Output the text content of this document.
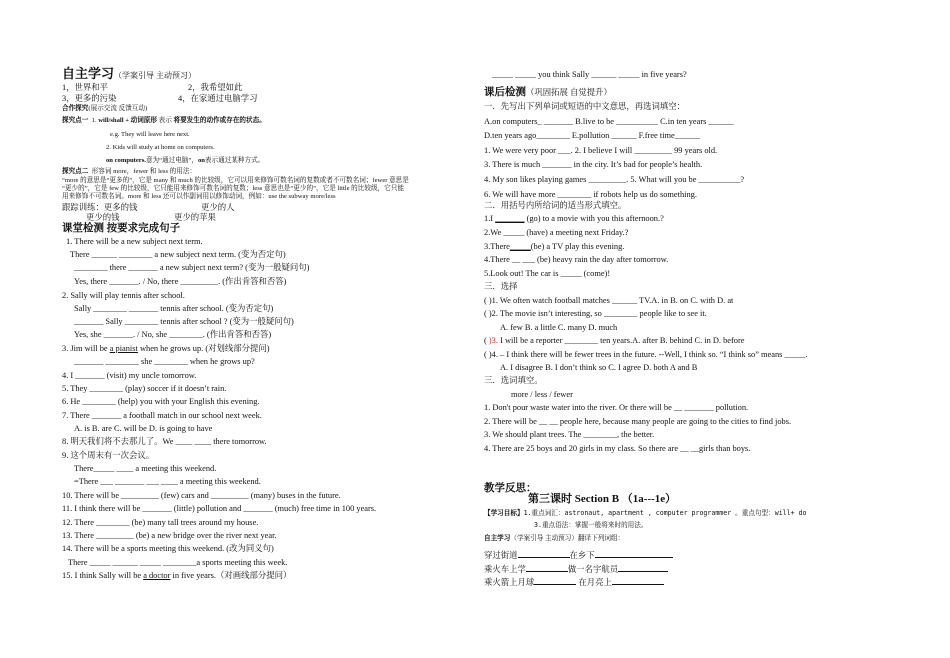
自主学习（学案引导 主动预习）
1，世界和平	2，我希望如此
3，更多的污染	4，在家通过电脑学习
合作探究(展示交流 反馈互动)
探究点一 1. will/shall + 动词原形 表示 将要发生的动作或存在的状态。
e.g. They will leave here next.
2. Kids will study at home on computers.
on computers.意为“通过电脑”，on表示通过某种方式。
探究点二 形容词 more，fewer 和 less 的用法：
“more 的意思是“更多的”，它是 many 和 much 的比较级，它可以用来修饰可数名词的复数或者不可数名词；fewer 意思是
“更少的”，它是 few 的比较级，它只能用来修饰可数名词的复数；less 意思也是“更少的”，它是 little 的比较级，它只能
用来修饰不可数名词。more 和 less 还可以作副词用以修饰动词，例如：use the subway more/less
跟踪训练：更多的钱	更少的人
更少的钱	更少的苹果
课堂检测 按要求完成句子
1. There will be a new subject next term.
There ______ ________ a new subject next term. (变为否定句)
________ there _______ a new subject next term? (变为一般疑问句)
Yes, there _______. / No, there _________. (作出肯答和否答)
2. Sally will play tennis after school.
Sally ________ _______ tennis after school. (变为否定句)
_______ Sally ________ tennis after school ? (变为一般疑问句)
Yes, she _______. / No, she ________. (作出肯答和否答)
3. Jim will be a pianist when he grows up. (对划线部分提问)
_______ ________ she ________ when he grows up?
4. I _______ (visit) my uncle tomorrow.
5. They ________ (play) soccer if it doesn’t rain.
6. He ________ (help) you with your English this evening.
7. There _______ a football match in our school next week.
A. is B. are C. will be D. is going to have
8. 明天我们将不去那儿了。We ____ ____ there tomorrow.
9. 这个周末有一次会议。
There_____ ____ a meeting this weekend.
=There ___ _______ ___ ____ a meeting this weekend.
10. There will be _________ (few) cars and _________ (many) buses in the future.
11. I think there will be _______ (little) pollution and _______ (much) free time in 100 years.
12. There ________ (be) many tall trees around my house.
13. There _________ (be) a new bridge over the river next year.
14. There will be a sports meeting this weekend. (改为同义句)
There _____ ______ _____ ________a sports meeting this week.
15. I think Sally will be a doctor in five years.（对画线部分提问）
_____ _____ you think Sally ______ _____ in five years?
课后检测（巩固拓展 自觉提升）
一．先写出下列单词或短语的中文意思，再选词填空：
A.on computers_ _______ B.live to be __________ C.in ten years ______
D.ten years ago________ E.pollution ______ F.free time______
1. We were very poor ___. 2. I believe I will _________ 99 years old.
3. There is much _______ in the city. It’s bad for people’s health.
4. My son likes playing games _________. 5. What will you be __________?
6. We will have more ________ if robots help us do something.
二．用括号内所给词的适当形式填空。
1.I _______ (go) to a movie with you this afternoon.?
2.We _____ (have) a meeting next Friday.?
3.There_____(be) a TV play this evening.
4.There __ ___ (be) heavy rain the day after tomorrow.
5.Look out! The car is _____ (come)!
三．选择
( )1. We often watch football matches ______ TV.A. in B. on C. with D. at
( )2. The movie isn’t interesting, so ________ people like to see it.
A. few B. a little C. many D. much
( )3. I will be a reporter ________ ten years.A. after B. behind C. in D. before
( )4. – I think there will be fewer trees in the future. --Well, I think so. “I think so” means _____.
A. I disagree B. I don’t think so C. I agree D. both A and B
三．选词填空。
more / less / fewer
1. Don't pour waste water into the river. Or there will be __ _______ pollution.
2. There will be __ __ people here, because many people are going to the cities to find jobs.
3. We should plant trees. The ________, the better.
4. There are 25 boys and 20 girls in my class. So there are __ __girls than boys.
教学反思：
第三课时 Section B （1a---1e）
【学习目标】1.重点词汇：astronaut, apartment , computer programmer 。重点句型：will+ do
3.重点语法：掌握一般将来时的用法。
自主学习（学案引导 主动预习）翻译下列词组：
穿过街道	在乡下
乘火车上学	做一名宇航员
乘火箭上月球	在月亮上
